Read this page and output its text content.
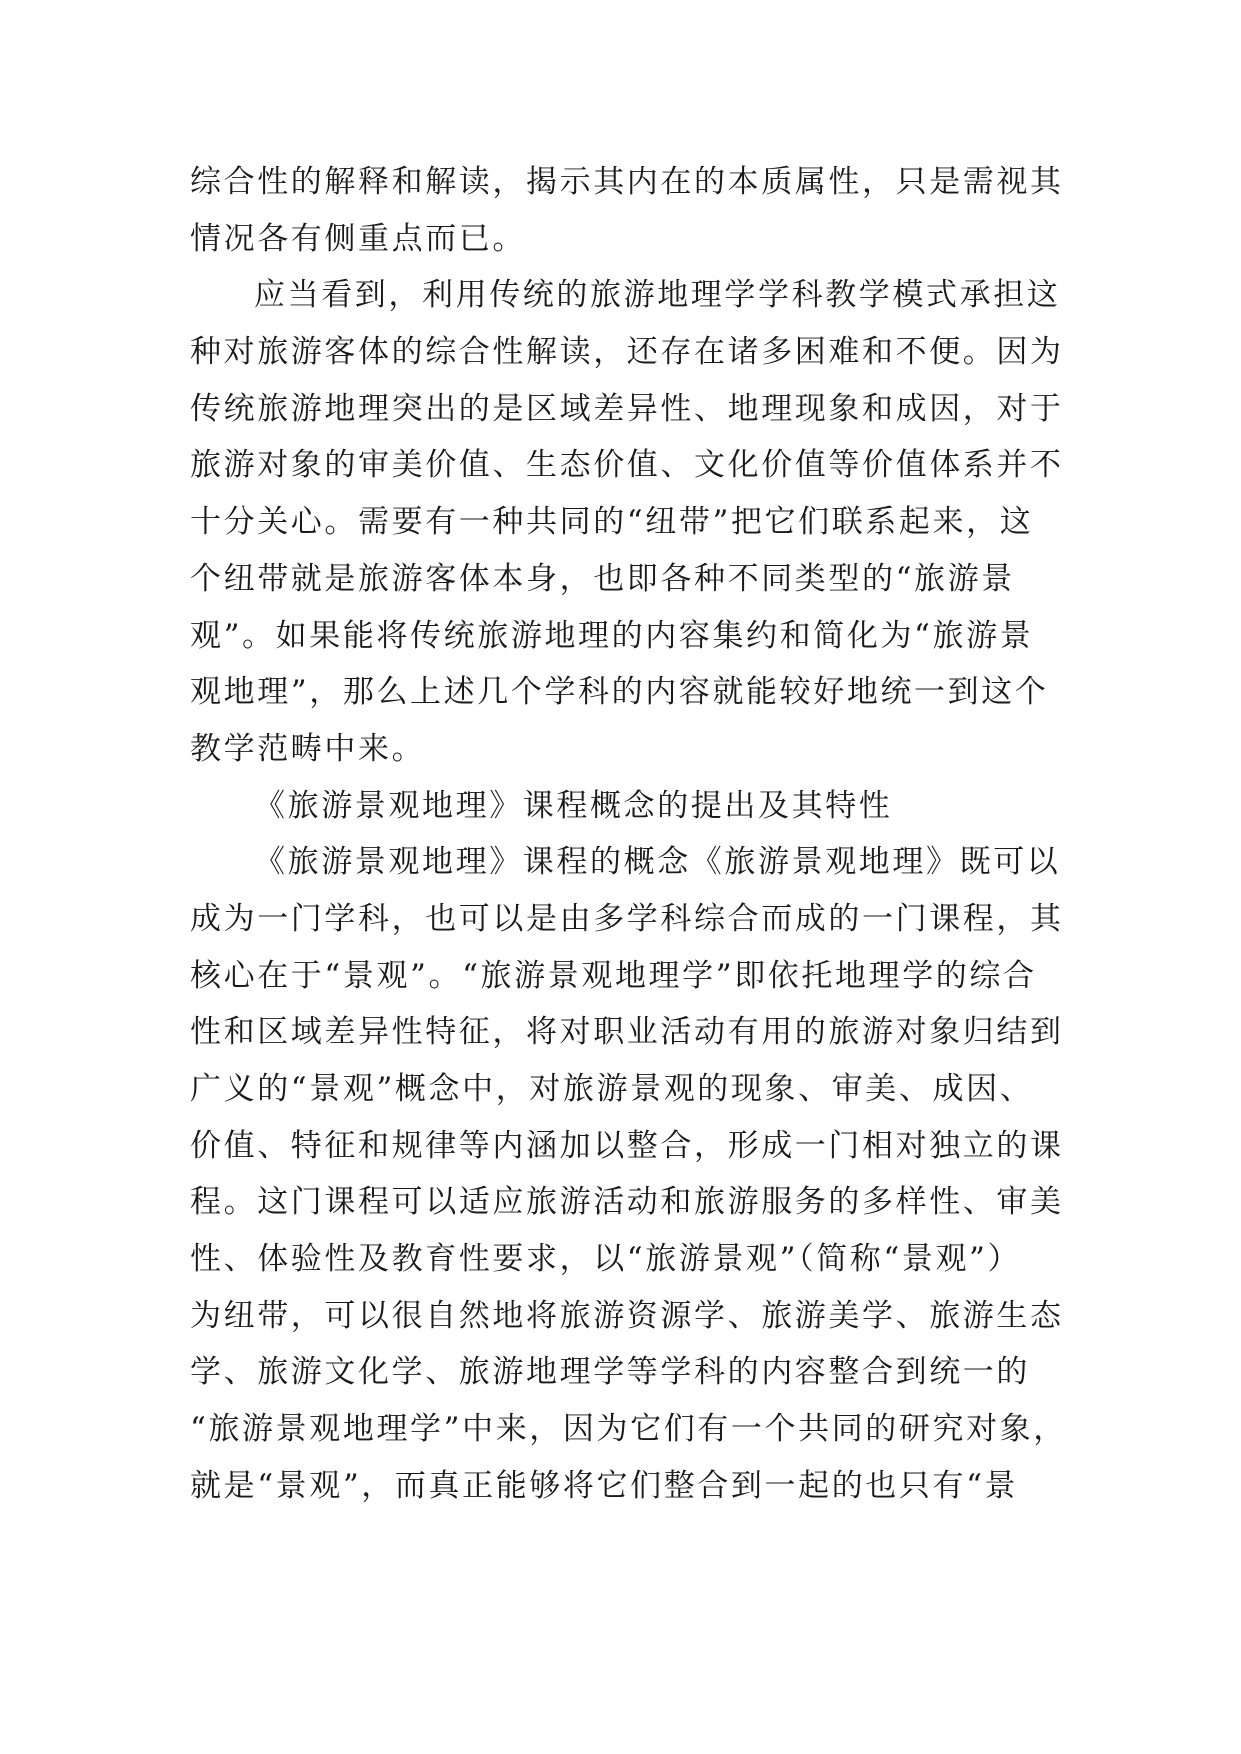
综合性的解释和解读，揭示其内在的本质属性，只是需视其
情况各有侧重点而已。
应当看到，利用传统的旅游地理学学科教学模式承担这
种对旅游客体的综合性解读，还存在诸多困难和不便。因为
传统旅游地理突出的是区域差异性、地理现象和成因，对于
旅游对象的审美价值、生态价值、文化价值等价值体系并不
十分关心。需要有一种共同的“纽带”把它们联系起来，这
个纽带就是旅游客体本身，也即各种不同类型的“旅游景
观”。如果能将传统旅游地理的内容集约和简化为“旅游景
观地理”，那么上述几个学科的内容就能较好地统一到这个
教学范畴中来。
《旅游景观地理》课程概念的提出及其特性
《旅游景观地理》课程的概念《旅游景观地理》既可以
成为一门学科，也可以是由多学科综合而成的一门课程，其
核心在于“景观”。“旅游景观地理学”即依托地理学的综合
性和区域差异性特征，将对职业活动有用的旅游对象归结到
广义的“景观”概念中，对旅游景观的现象、审美、成因、
价值、特征和规律等内涵加以整合，形成一门相对独立的课
程。这门课程可以适应旅游活动和旅游服务的多样性、审美
性、体验性及教育性要求，以“旅游景观”（简称“景观”）
为纽带，可以很自然地将旅游资源学、旅游美学、旅游生态
学、旅游文化学、旅游地理学等学科的内容整合到统一的
“旅游景观地理学”中来，因为它们有一个共同的研究对象，
就是“景观”，而真正能够将它们整合到一起的也只有“景
